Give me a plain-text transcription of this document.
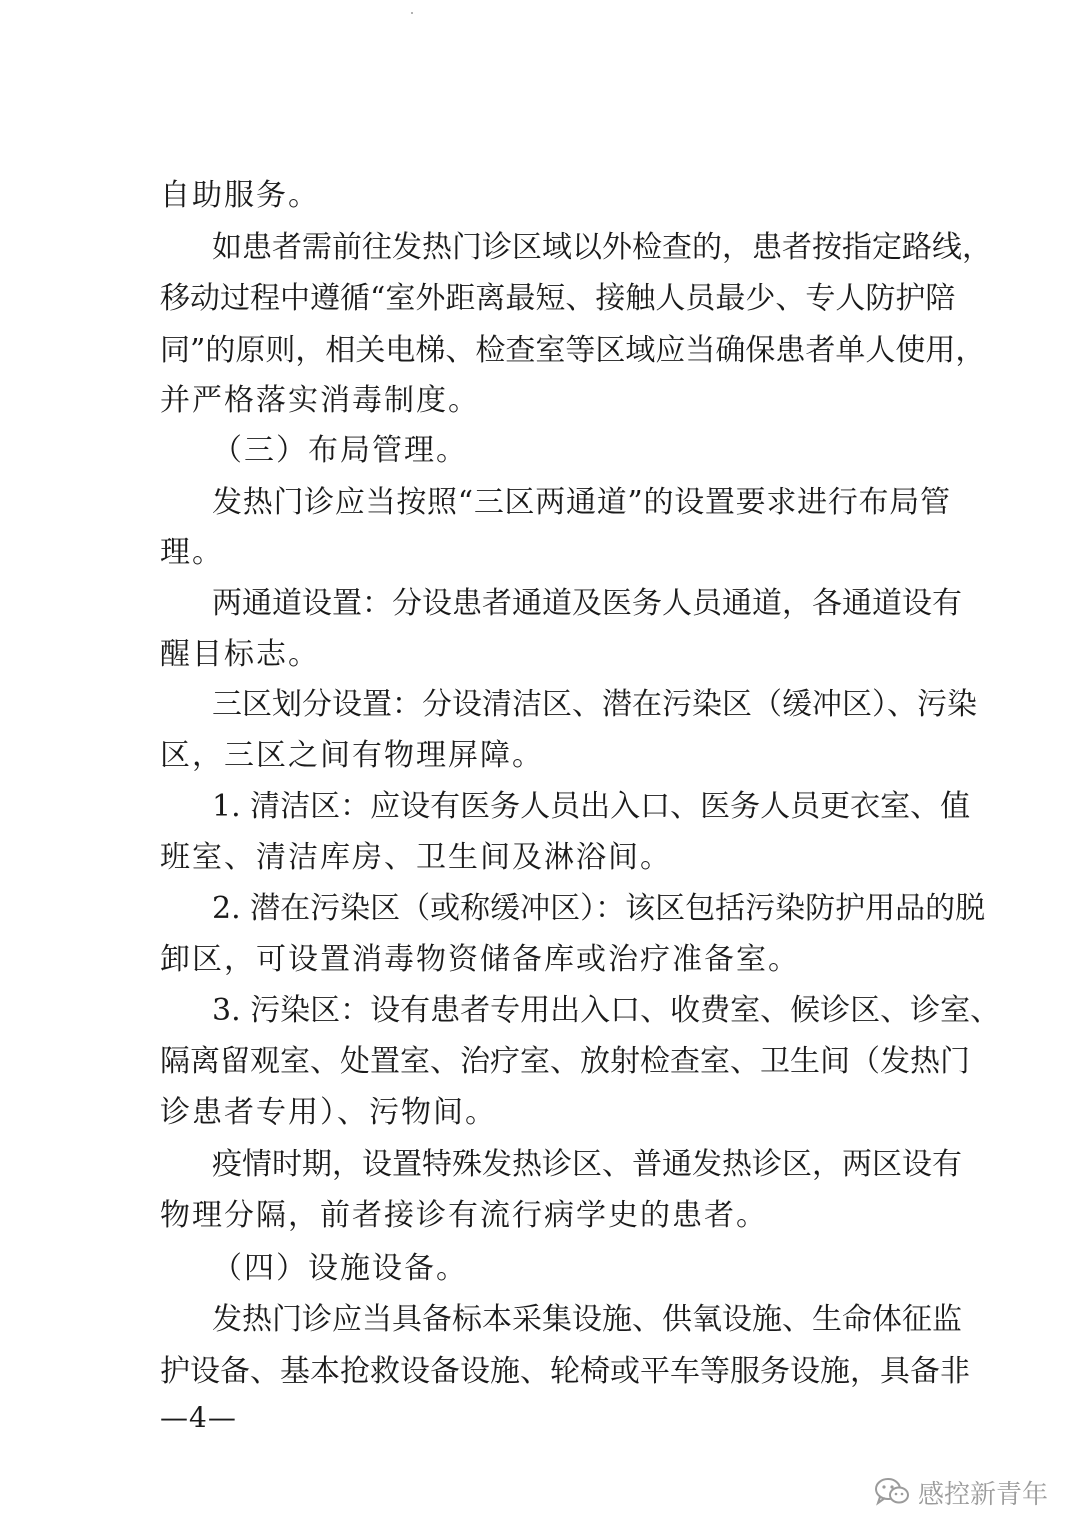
自助服务。
如患者需前往发热门诊区域以外检查的，患者按指定路线，
移动过程中遵循“室外距离最短、接触人员最少、专人防护陪
同”的原则，相关电梯、检查室等区域应当确保患者单人使用，
并严格落实消毒制度。
（三）布局管理。
发热门诊应当按照“三区两通道”的设置要求进行布局管
理。
两通道设置：分设患者通道及医务人员通道，各通道设有
醒目标志。
三区划分设置：分设清洁区、潜在污染区（缓冲区）、污染
区，三区之间有物理屏障。
1. 清洁区：应设有医务人员出入口、医务人员更衣室、值
班室、清洁库房、卫生间及淋浴间。
2. 潜在污染区（或称缓冲区）：该区包括污染防护用品的脱
卸区，可设置消毒物资储备库或治疗准备室。
3. 污染区：设有患者专用出入口、收费室、候诊区、诊室、
隔离留观室、处置室、治疗室、放射检查室、卫生间（发热门
诊患者专用）、污物间。
疫情时期，设置特殊发热诊区、普通发热诊区，两区设有
物理分隔，前者接诊有流行病学史的患者。
（四）设施设备。
发热门诊应当具备标本采集设施、供氧设施、生命体征监
护设备、基本抢救设备设施、轮椅或平车等服务设施，具备非
—4—
感控新青年
